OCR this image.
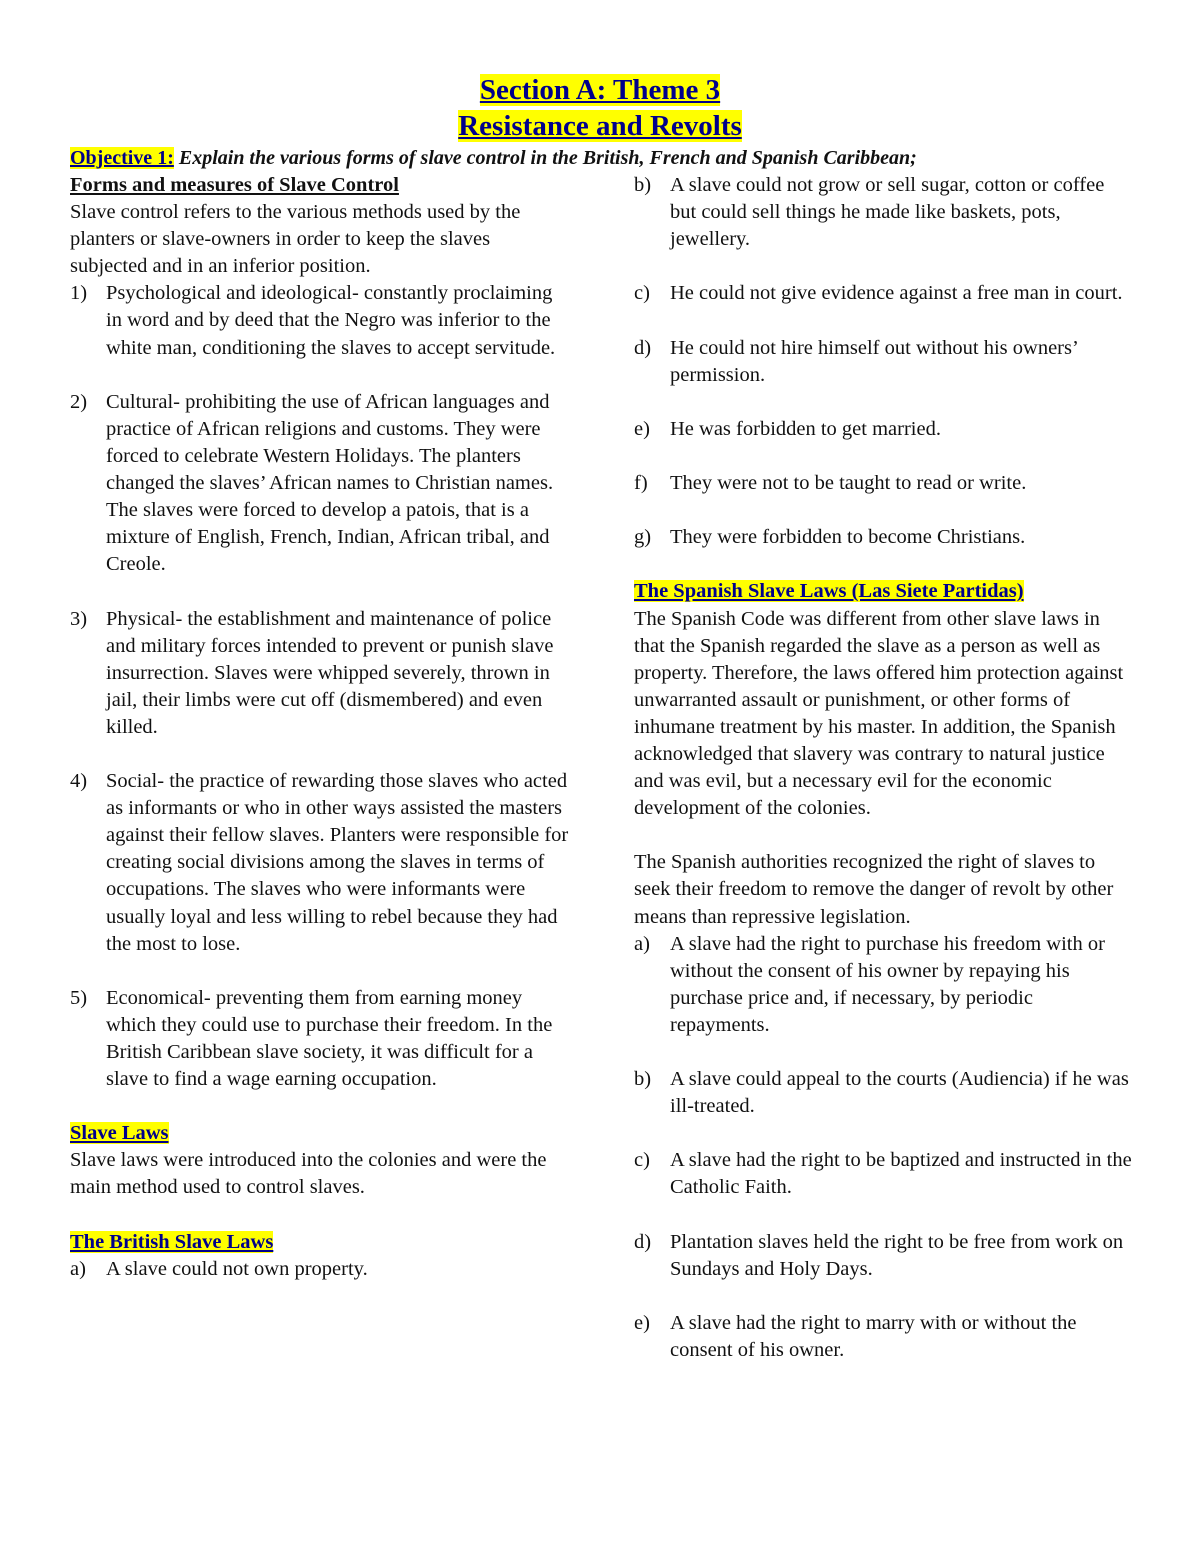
Section A: Theme 3
Resistance and Revolts
Objective 1: Explain the various forms of slave control in the British, French and Spanish Caribbean;

Forms and measures of Slave Control

Slave control refers to the various methods used by the planters or slave-owners in order to keep the slaves subjected and in an inferior position.

1) Psychological and ideological- constantly proclaiming in word and by deed that the Negro was inferior to the white man, conditioning the slaves to accept servitude.
2) Cultural- prohibiting the use of African languages and practice of African religions and customs. They were forced to celebrate Western Holidays. The planters changed the slaves’ African names to Christian names. The slaves were forced to develop a patois, that is a mixture of English, French, Indian, African tribal, and Creole.
3) Physical- the establishment and maintenance of police and military forces intended to prevent or punish slave insurrection. Slaves were whipped severely, thrown in jail, their limbs were cut off (dismembered) and even killed.
4) Social- the practice of rewarding those slaves who acted as informants or who in other ways assisted the masters against their fellow slaves. Planters were responsible for creating social divisions among the slaves in terms of occupations. The slaves who were informants were usually loyal and less willing to rebel because they had the most to lose.
5) Economical- preventing them from earning money which they could use to purchase their freedom. In the British Caribbean slave society, it was difficult for a slave to find a wage earning occupation.

Slave Laws

Slave laws were introduced into the colonies and were the main method used to control slaves.

The British Slave Laws

a) A slave could not own property.
b) A slave could not grow or sell sugar, cotton or coffee but could sell things he made like baskets, pots, jewellery.
c) He could not give evidence against a free man in court.
d) He could not hire himself out without his owners’ permission.
e) He was forbidden to get married.
f)	They were not to be taught to read or write.
g) They were forbidden to become Christians.

The Spanish Slave Laws (Las Siete Partidas)

The Spanish Code was different from other slave laws in that the Spanish regarded the slave as a person as well as property. Therefore, the laws offered him protection against unwarranted assault or punishment, or other forms of inhumane treatment by his master. In addition, the Spanish acknowledged that slavery was contrary to natural justice and was evil, but a necessary evil for the economic development of the colonies.

The Spanish authorities recognized the right of slaves to seek their freedom to remove the danger of revolt by other means than repressive legislation.

a) A slave had the right to purchase his freedom with or without the consent of his owner by repaying his purchase price and, if necessary, by periodic repayments.
b) A slave could appeal to the courts (Audiencia) if he was ill-treated.
c) A slave had the right to be baptized and instructed in the Catholic Faith.
d) Plantation slaves held the right to be free from work on Sundays and Holy Days.
e) A slave had the right to marry with or without the consent of his owner.
